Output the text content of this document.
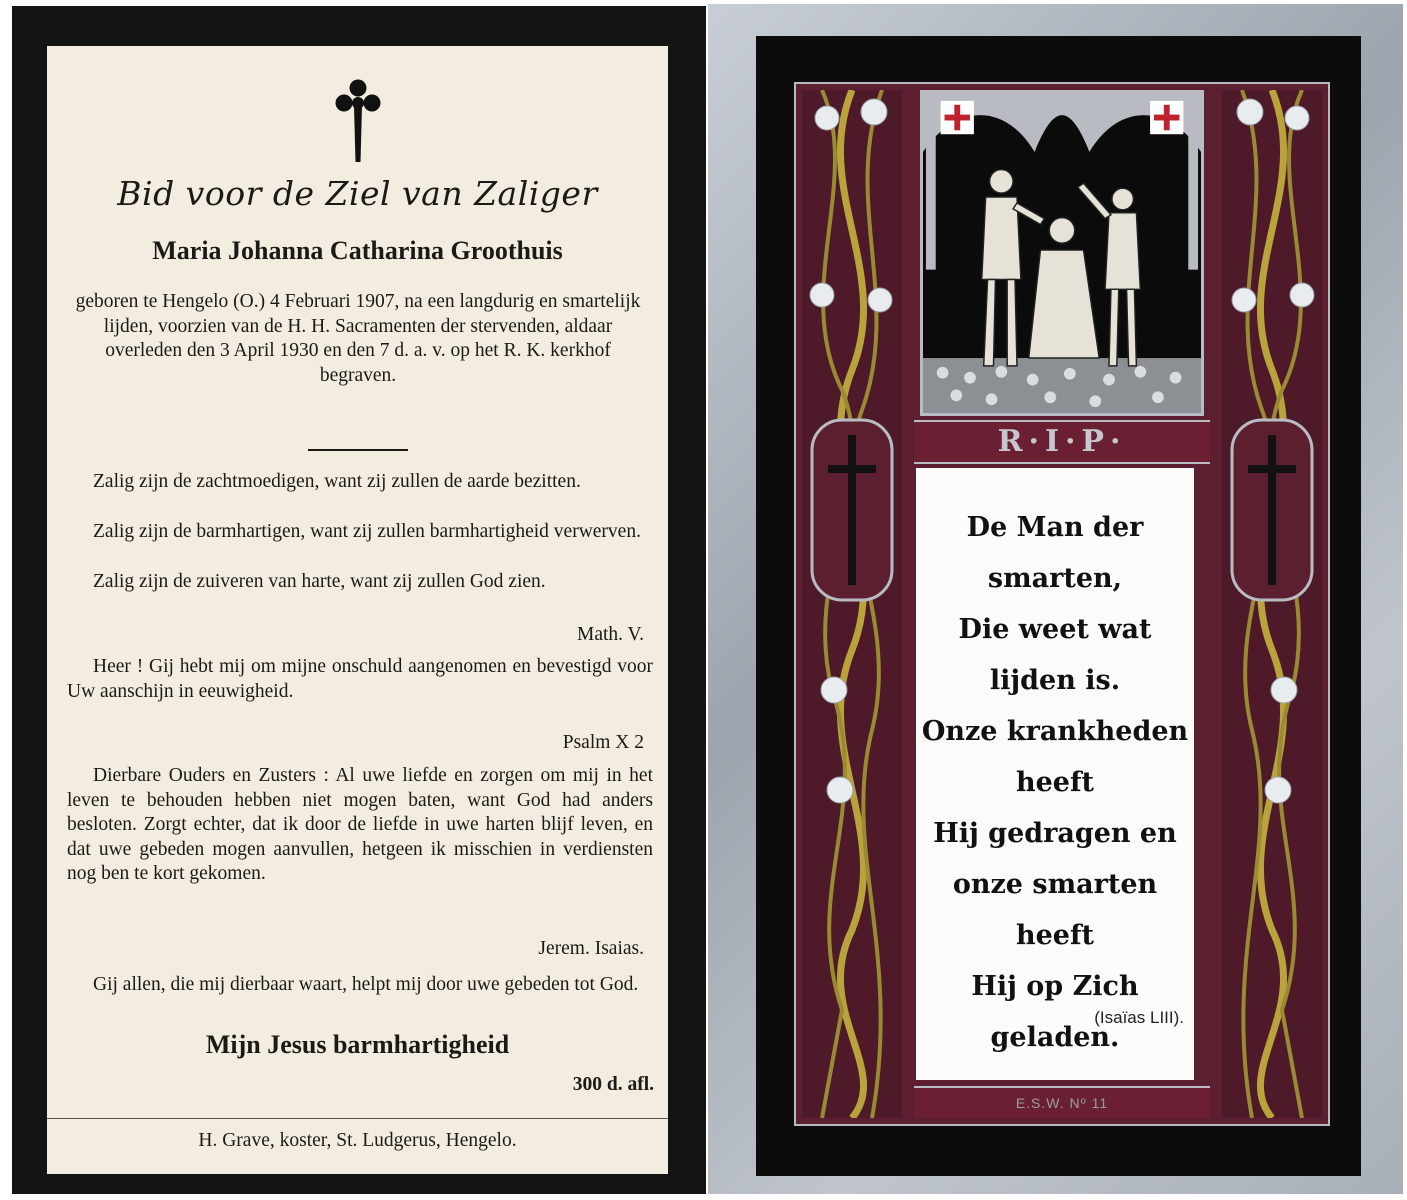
Bid voor de Ziel van Zaliger
Maria Johanna Catharina Groothuis
geboren te Hengelo (O.) 4 Februari 1907, na een langdurig en smartelijk lijden, voorzien van de H. H. Sacramenten der stervenden, aldaar overleden den 3 April 1930 en den 7 d. a. v. op het R. K. kerkhof begraven.
Zalig zijn de zachtmoedigen, want zij zullen de aarde bezitten.
Zalig zijn de barmhartigen, want zij zullen barmhartigheid verwerven.
Zalig zijn de zuiveren van harte, want zij zullen God zien.
Math. V.
Heer ! Gij hebt mij om mijne onschuld aangenomen en bevestigd voor Uw aanschijn in eeuwigheid.
Psalm X 2
Dierbare Ouders en Zusters : Al uwe liefde en zorgen om mij in het leven te behouden hebben niet mogen baten, want God had anders besloten. Zorgt echter, dat ik door de liefde in uwe harten blijf leven, en dat uwe gebeden mogen aanvullen, hetgeen ik misschien in verdiensten nog ben te kort gekomen.
Jerem. Isaias.
Gij allen, die mij dierbaar waart, helpt mij door uwe gebeden tot God.
Mijn Jesus barmhartigheid
300 d. afl.
H. Grave, koster, St. Ludgerus, Hengelo.
R·I·P·
De Man der
smarten,
Die weet wat
lijden is.
Onze krankheden
heeft
Hij gedragen en
onze smarten heeft
Hij op Zich
geladen.
(Isaïas LIII).
E.S.W. Nº 11
